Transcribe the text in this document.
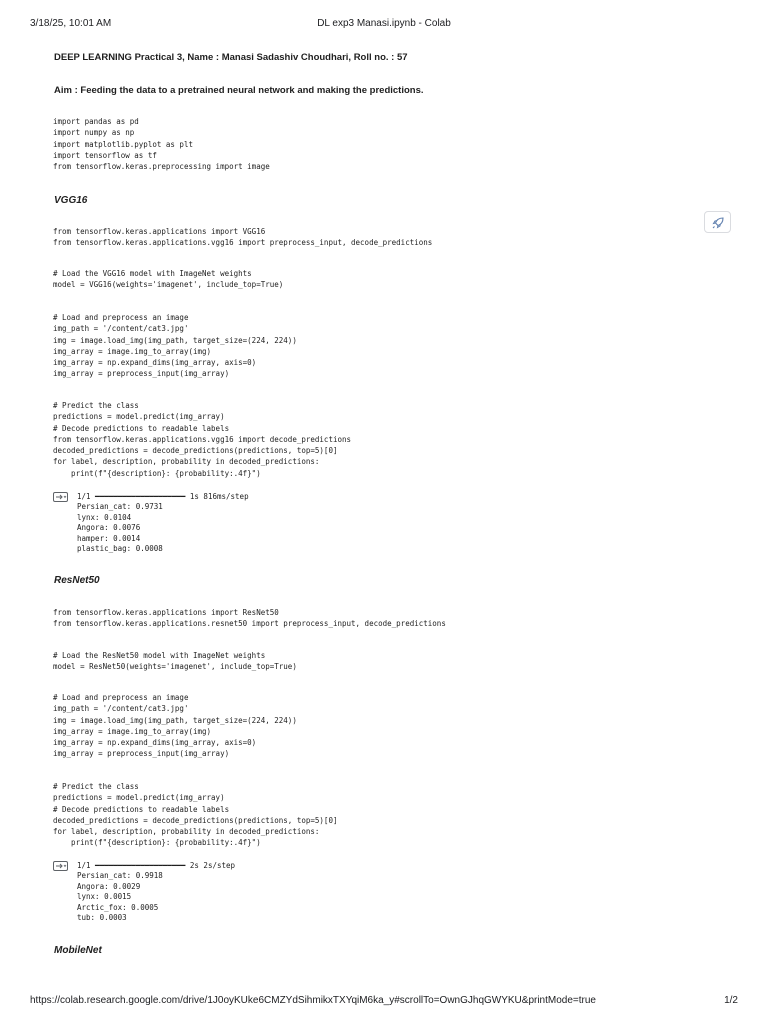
3/18/25, 10:01 AM	DL exp3 Manasi.ipynb - Colab
DEEP LEARNING Practical 3, Name : Manasi Sadashiv Choudhari, Roll no. : 57
Aim : Feeding the data to a pretrained neural network and making the predictions.
import pandas as pd
import numpy as np
import matplotlib.pyplot as plt
import tensorflow as tf
from tensorflow.keras.preprocessing import image
VGG16
from tensorflow.keras.applications import VGG16
from tensorflow.keras.applications.vgg16 import preprocess_input, decode_predictions
# Load the VGG16 model with ImageNet weights
model = VGG16(weights='imagenet', include_top=True)
# Load and preprocess an image
img_path = '/content/cat3.jpg'
img = image.load_img(img_path, target_size=(224, 224))
img_array = image.img_to_array(img)
img_array = np.expand_dims(img_array, axis=0)
img_array = preprocess_input(img_array)
# Predict the class
predictions = model.predict(img_array)
# Decode predictions to readable labels
from tensorflow.keras.applications.vgg16 import decode_predictions
decoded_predictions = decode_predictions(predictions, top=5)[0]
for label, description, probability in decoded_predictions:
print(f"{description}: {probability:.4f}")
1/1 ━━━━━━━━━━━━━━━━━━━━ 1s 816ms/step
Persian_cat: 0.9731
lynx: 0.0104
Angora: 0.0076
hamper: 0.0014
plastic_bag: 0.0008
ResNet50
from tensorflow.keras.applications import ResNet50
from tensorflow.keras.applications.resnet50 import preprocess_input, decode_predictions
# Load the ResNet50 model with ImageNet weights
model = ResNet50(weights='imagenet', include_top=True)
# Load and preprocess an image
img_path = '/content/cat3.jpg'
img = image.load_img(img_path, target_size=(224, 224))
img_array = image.img_to_array(img)
img_array = np.expand_dims(img_array, axis=0)
img_array = preprocess_input(img_array)
# Predict the class
predictions = model.predict(img_array)
# Decode predictions to readable labels
decoded_predictions = decode_predictions(predictions, top=5)[0]
for label, description, probability in decoded_predictions:
print(f"{description}: {probability:.4f}")
1/1 ━━━━━━━━━━━━━━━━━━━━ 2s 2s/step
Persian_cat: 0.9918
Angora: 0.0029
lynx: 0.0015
Arctic_fox: 0.0005
tub: 0.0003
MobileNet
https://colab.research.google.com/drive/1J0oyKUke6CMZYdSihmikxTXYqiM6ka_y#scrollTo=OwnGJhqGWYKU&printMode=true	1/2
